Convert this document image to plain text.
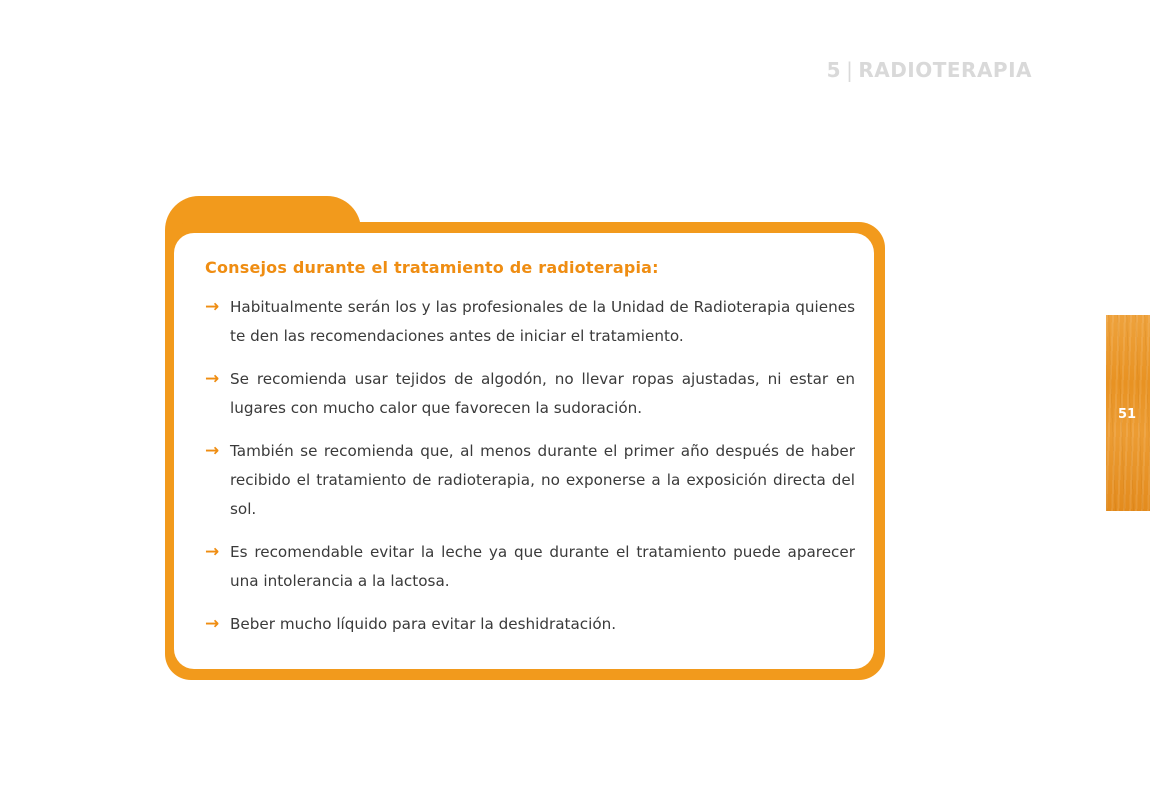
5 | RADIOTERAPIA
51
Consejos durante el tratamiento de radioterapia:
→ Habitualmente serán los y las profesionales de la Unidad de Radioterapia quienes te den las recomendaciones antes de iniciar el tratamiento.
→ Se recomienda usar tejidos de algodón, no llevar ropas ajustadas, ni estar en lugares con mucho calor que favorecen la sudoración.
→ También se recomienda que, al menos durante el primer año después de haber recibido el tratamiento de radioterapia, no exponerse a la exposición directa del sol.
→ Es recomendable evitar la leche ya que durante el tratamiento puede aparecer una intolerancia a la lactosa.
→ Beber mucho líquido para evitar la deshidratación.
